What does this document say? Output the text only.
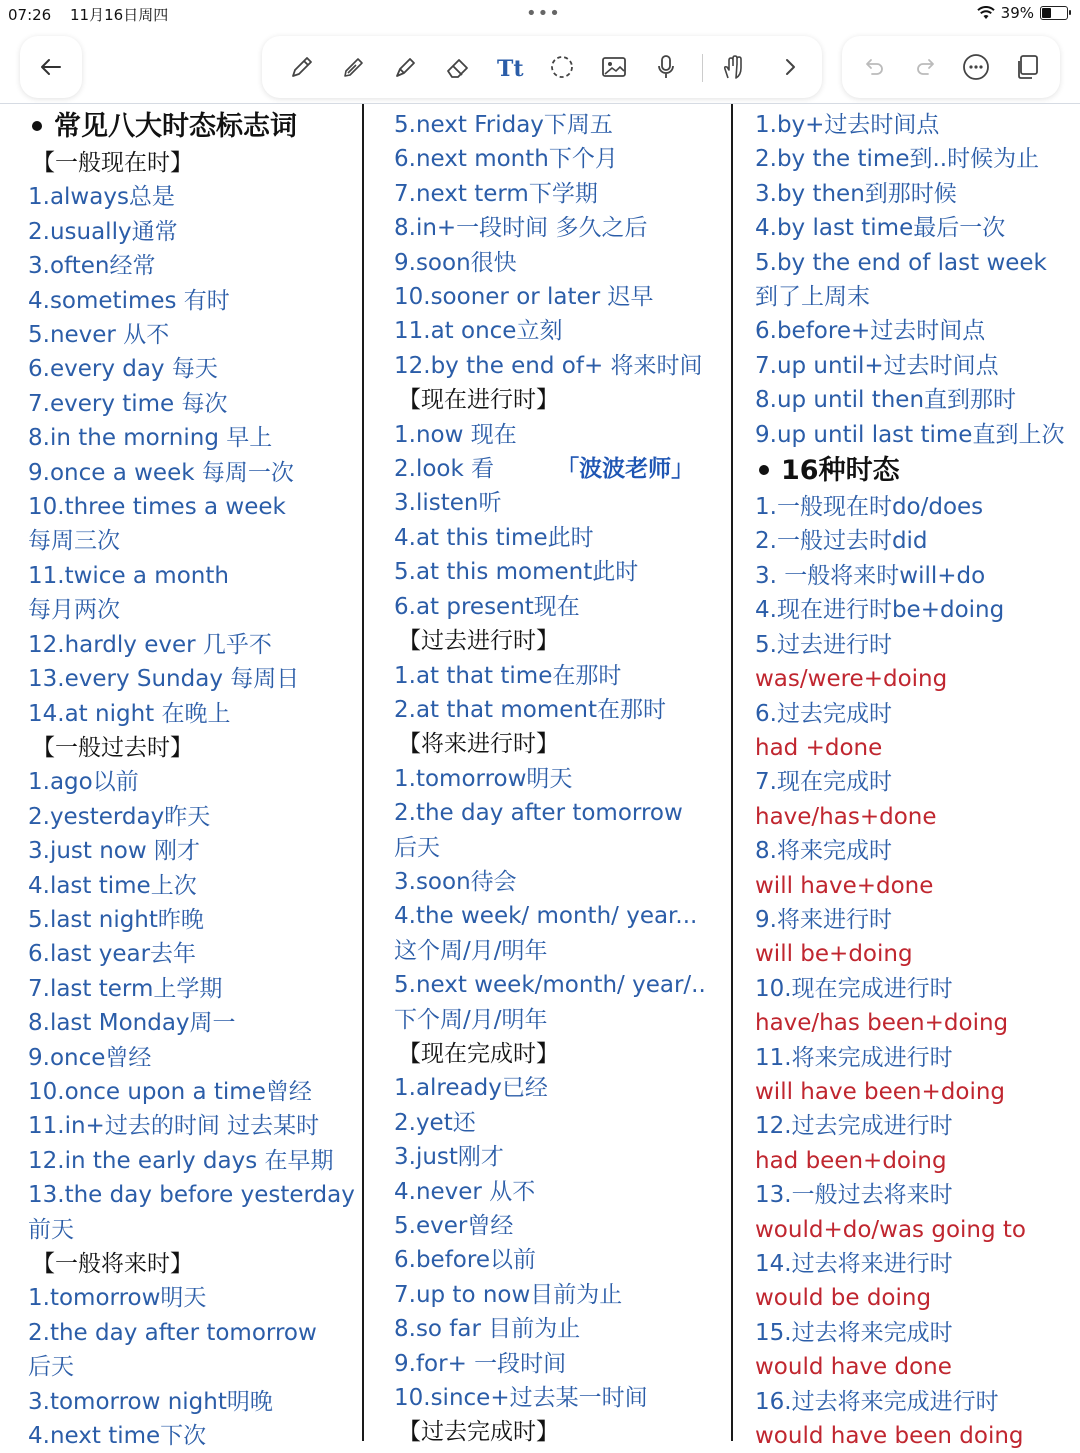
07:26 11月16日周四	•••	39%
Tt
常见八大时态标志词
【一般现在时】
1.always总是
2.usually通常
3.often经常
4.sometimes 有时
5.never 从不
6.every day 每天
7.every time 每次
8.in the morning 早上
9.once a week 每周一次
10.three times a week
每周三次
11.twice a month
每月两次
12.hardly ever 几乎不
13.every Sunday 每周日
14.at night 在晚上
【一般过去时】
1.ago以前
2.yesterday昨天
3.just now 刚才
4.last time上次
5.last night昨晚
6.last year去年
7.last term上学期
8.last Monday周一
9.once曾经
10.once upon a time曾经
11.in+过去的时间 过去某时
12.in the early days 在早期
13.the day before yesterday
前天
【一般将来时】
1.tomorrow明天
2.the day after tomorrow
后天
3.tomorrow night明晚
4.next time下次
5.next Friday下周五
6.next month下个月
7.next term下学期
8.in+一段时间 多久之后
9.soon很快
10.sooner or later 迟早
11.at once立刻
12.by the end of+ 将来时间
【现在进行时】
1.now 现在
2.look 看	「波波老师」
3.listen听
4.at this time此时
5.at this moment此时
6.at present现在
【过去进行时】
1.at that time在那时
2.at that moment在那时
【将来进行时】
1.tomorrow明天
2.the day after tomorrow
后天
3.soon待会
4.the week/ month/ year...
这个周/月/明年
5.next week/month/ year/..
下个周/月/明年
【现在完成时】
1.already已经
2.yet还
3.just刚才
4.never 从不
5.ever曾经
6.before以前
7.up to now目前为止
8.so far 目前为止
9.for+ 一段时间
10.since+过去某一时间
【过去完成时】
1.by+过去时间点
2.by the time到..时候为止
3.by then到那时候
4.by last time最后一次
5.by the end of last week
到了上周末
6.before+过去时间点
7.up until+过去时间点
8.up until then直到那时
9.up until last time直到上次
16种时态
1.一般现在时do/does
2.一般过去时did
3. 一般将来时will+do
4.现在进行时be+doing
5.过去进行时
was/were+doing
6.过去完成时
had +done
7.现在完成时
have/has+done
8.将来完成时
will have+done
9.将来进行时
will be+doing
10.现在完成进行时
have/has been+doing
11.将来完成进行时
will have been+doing
12.过去完成进行时
had been+doing
13.一般过去将来时
would+do/was going to
14.过去将来进行时
would be doing
15.过去将来完成时
would have done
16.过去将来完成进行时
would have been doing
